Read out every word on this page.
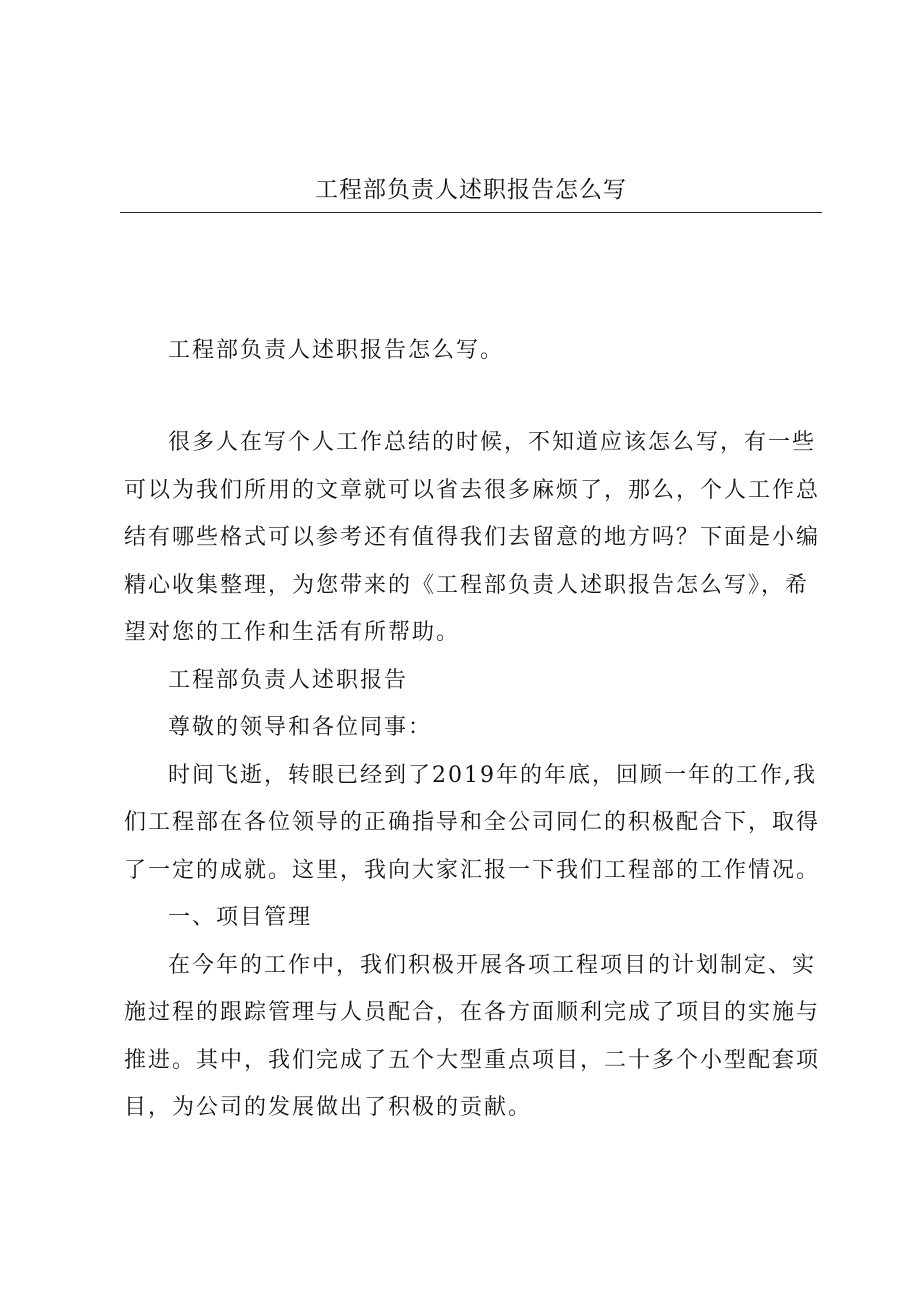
工程部负责人述职报告怎么写

工程部负责人述职报告怎么写。

很多人在写个人工作总结的时候，不知道应该怎么写，有一些可以为我们所用的文章就可以省去很多麻烦了，那么，个人工作总结有哪些格式可以参考还有值得我们去留意的地方吗？下面是小编精心收集整理，为您带来的《工程部负责人述职报告怎么写》，希望对您的工作和生活有所帮助。

工程部负责人述职报告

尊敬的领导和各位同事：

时间飞逝，转眼已经到了2019年的年底，回顾一年的工作,我们工程部在各位领导的正确指导和全公司同仁的积极配合下，取得了一定的成就。这里，我向大家汇报一下我们工程部的工作情况。

一、项目管理

在今年的工作中，我们积极开展各项工程项目的计划制定、实施过程的跟踪管理与人员配合，在各方面顺利完成了项目的实施与推进。其中，我们完成了五个大型重点项目，二十多个小型配套项目，为公司的发展做出了积极的贡献。
